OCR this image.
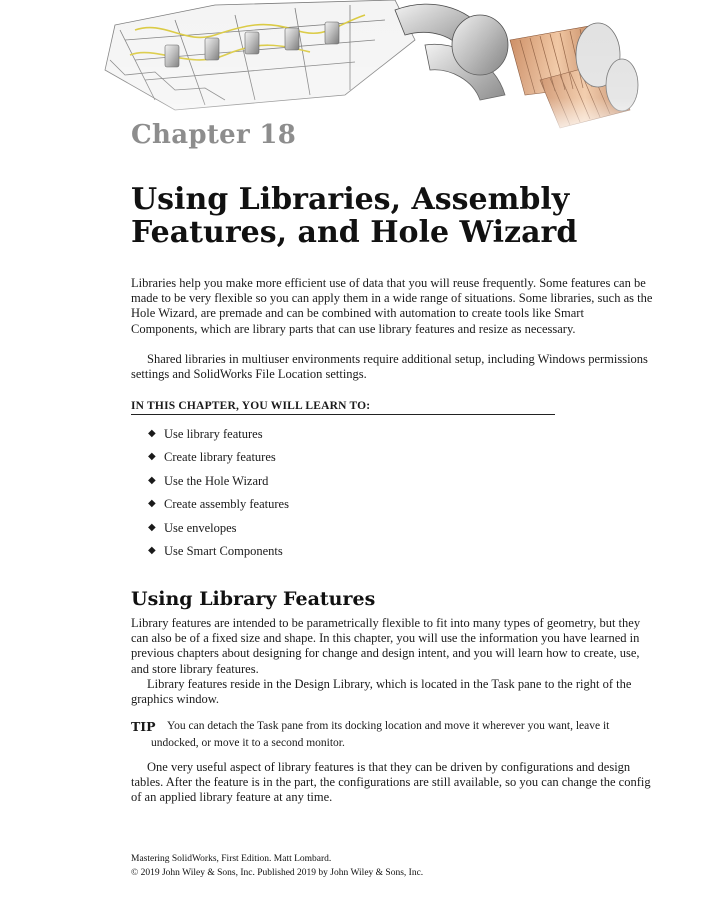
Chapter 18
Using Libraries, Assembly
Features, and Hole Wizard

Libraries help you make more efficient use of data that you will reuse frequently. Some features can be made to be very flexible so you can apply them in a wide range of situations. Some libraries, such as the Hole Wizard, are premade and can be combined with automation to create tools like Smart Components, which are library parts that can use library features and resize as necessary.

Shared libraries in multiuser environments require additional setup, including Windows permissions settings and SolidWorks File Location settings.

IN THIS CHAPTER, YOU WILL LEARN TO:

◆ Use library features
◆ Create library features
◆ Use the Hole Wizard
◆ Create assembly features
◆ Use envelopes
◆ Use Smart Components
Using Library Features

Library features are intended to be parametrically flexible to fit into many types of geometry, but they can also be of a fixed size and shape. In this chapter, you will use the information you have learned in previous chapters about designing for change and design intent, and you will learn how to create, use, and store library features.

Library features reside in the Design Library, which is located in the Task pane to the right of the graphics window.

TIP You can detach the Task pane from its docking location and move it wherever you want, leave it
undocked, or move it to a second monitor.

One very useful aspect of library features is that they can be driven by configurations and design tables. After the feature is in the part, the configurations are still available, so you can change the config of an applied library feature at any time.

Mastering SolidWorks, First Edition. Matt Lombard.
© 2019 John Wiley & Sons, Inc. Published 2019 by John Wiley & Sons, Inc.
